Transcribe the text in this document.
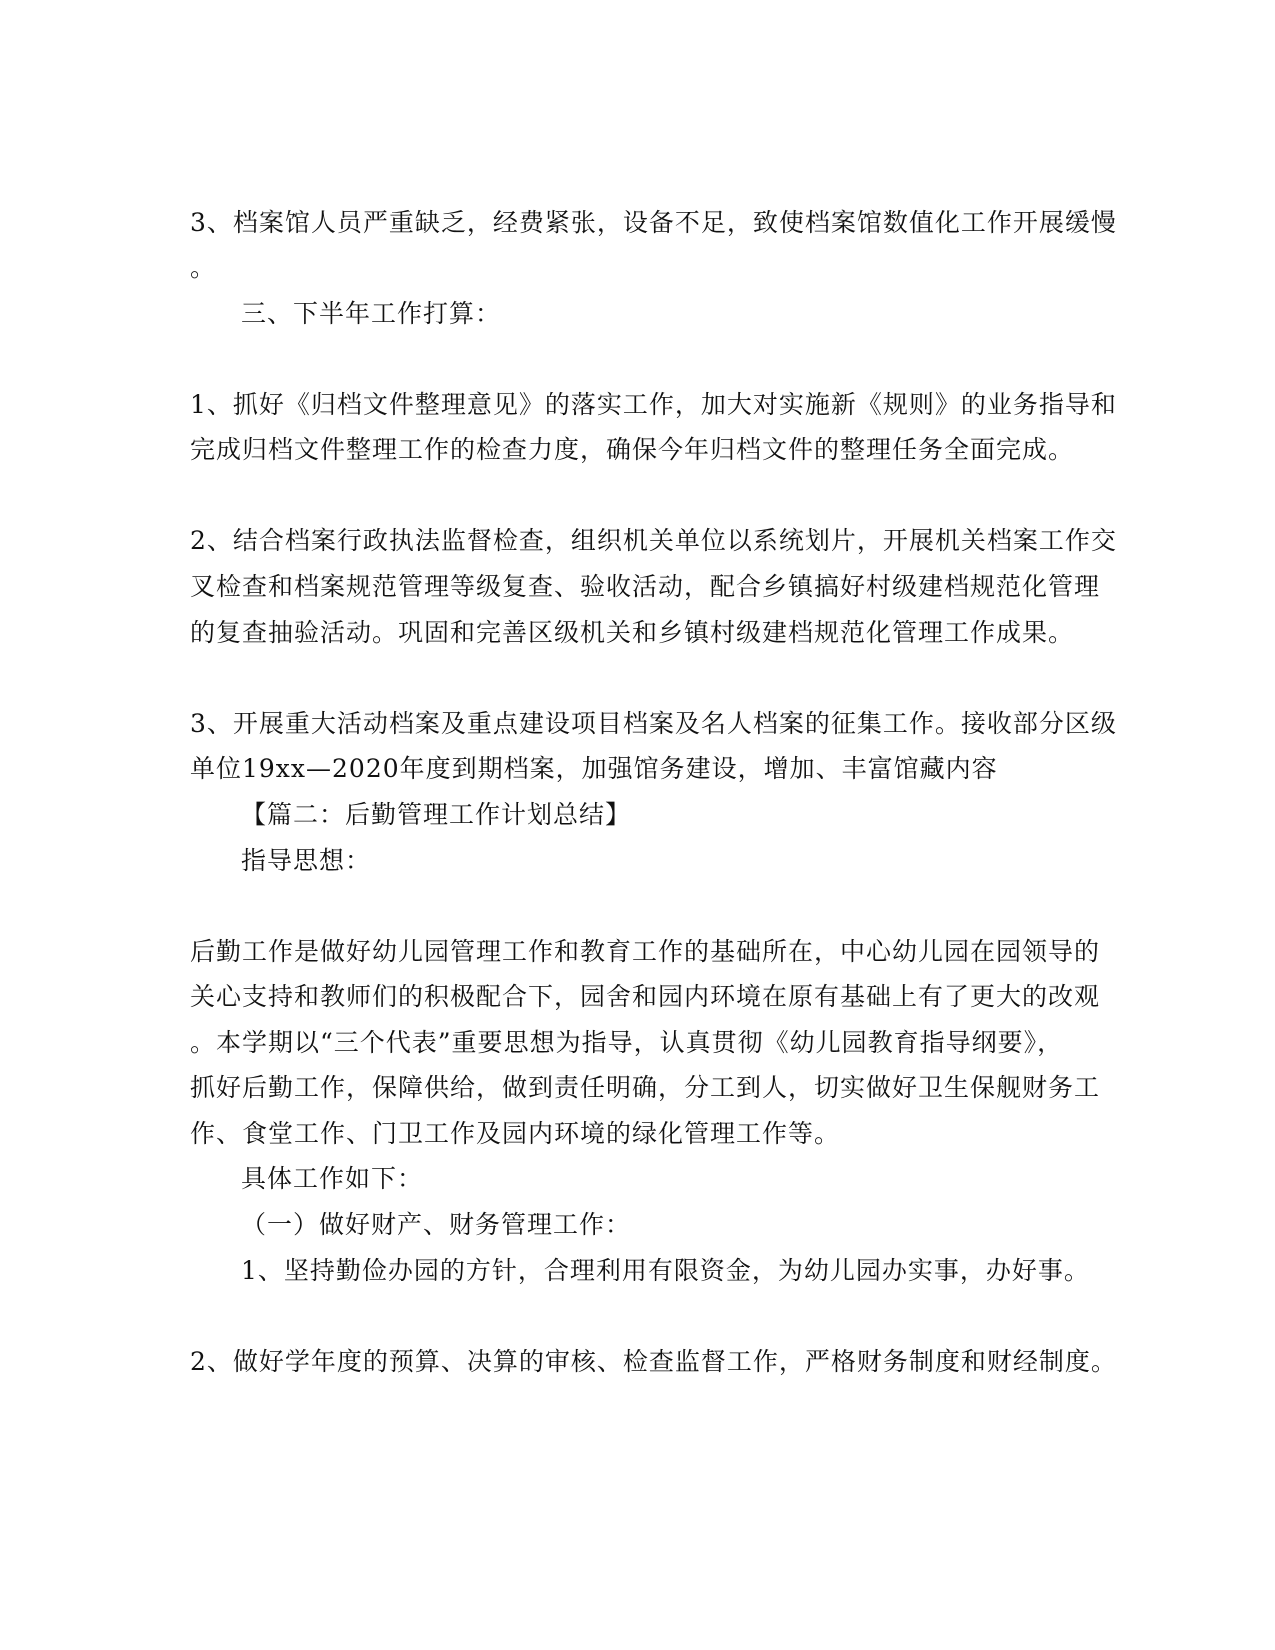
3、档案馆人员严重缺乏，经费紧张，设备不足，致使档案馆数值化工作开展缓慢

。

三、下半年工作打算：

1、抓好《归档文件整理意见》的落实工作，加大对实施新《规则》的业务指导和

完成归档文件整理工作的检查力度，确保今年归档文件的整理任务全面完成。

2、结合档案行政执法监督检查，组织机关单位以系统划片，开展机关档案工作交

叉检查和档案规范管理等级复查、验收活动，配合乡镇搞好村级建档规范化管理

的复查抽验活动。巩固和完善区级机关和乡镇村级建档规范化管理工作成果。

3、开展重大活动档案及重点建设项目档案及名人档案的征集工作。接收部分区级

单位19xx—2020年度到期档案，加强馆务建设，增加、丰富馆藏内容

【篇二：后勤管理工作计划总结】

指导思想：

后勤工作是做好幼儿园管理工作和教育工作的基础所在，中心幼儿园在园领导的

关心支持和教师们的积极配合下，园舍和园内环境在原有基础上有了更大的改观

。本学期以“三个代表”重要思想为指导，认真贯彻《幼儿园教育指导纲要》，

抓好后勤工作，保障供给，做到责任明确，分工到人，切实做好卫生保舰财务工

作、食堂工作、门卫工作及园内环境的绿化管理工作等。

具体工作如下：

（一）做好财产、财务管理工作：

1、坚持勤俭办园的方针，合理利用有限资金，为幼儿园办实事，办好事。

2、做好学年度的预算、决算的审核、检查监督工作，严格财务制度和财经制度。
